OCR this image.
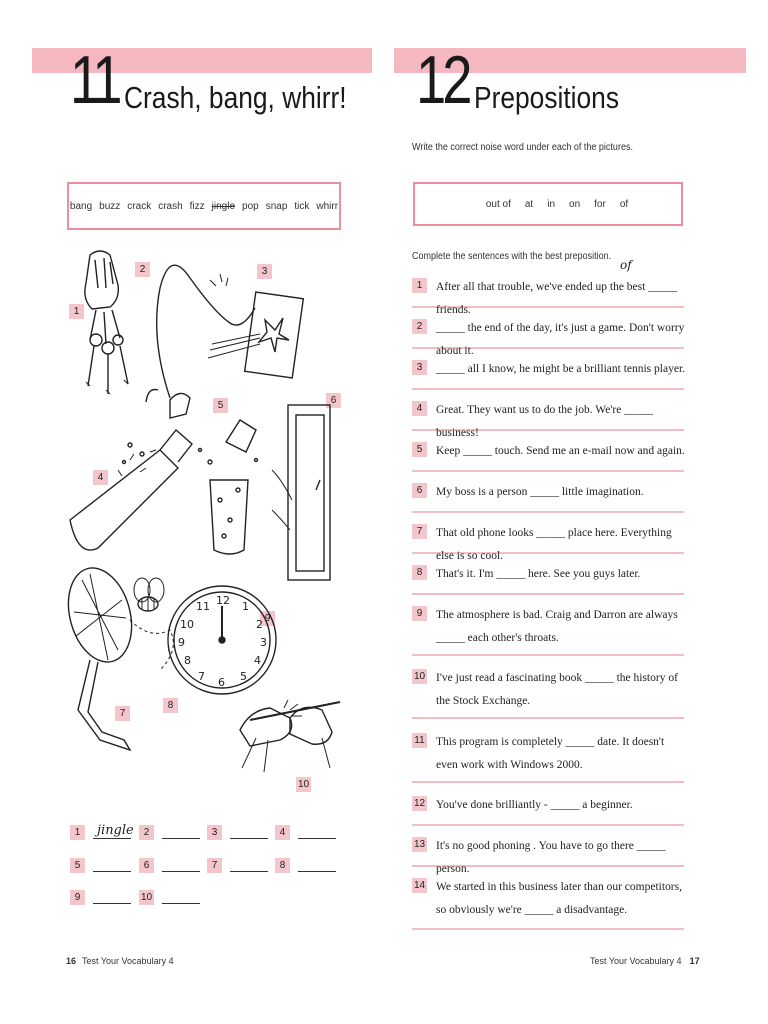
11 Crash, bang, whirr!
bang buzz crack crash fizz jingle pop snap tick whirr
1
2	3
4
5	6
7
8
9
10
12
11	1
10	2
9	3
8	4
7	5
6
1	jingle 2	3	4
5	6	7	8
9	10
16 Test Your Vocabulary 4
12 Prepositions
Write the correct noise word under each of the pictures.
out of at in on for of
Complete the sentences with the best preposition.
of
1	After all that trouble, we've ended up the best _____ friends.
2	_____ the end of the day, it's just a game. Don't worry about it.
3	_____ all I know, he might be a brilliant tennis player.
4	Great. They want us to do the job. We're _____ business!
5	Keep _____ touch. Send me an e-mail now and again.
6	My boss is a person _____ little imagination.
7	That old phone looks _____ place here. Everything else is so cool.
8	That's it. I'm _____ here. See you guys later.
9	The atmosphere is bad. Craig and Darron are always _____ each other's throats.
10 I've just read a fascinating book _____ the history of the Stock Exchange.
11 This program is completely _____ date. It doesn't even work with Windows 2000.
12 You've done brilliantly - _____ a beginner.
13 It's no good phoning . You have to go there _____ person.
14 We started in this business later than our competitors, so obviously we're _____ a disadvantage.
Test Your Vocabulary 4 17
